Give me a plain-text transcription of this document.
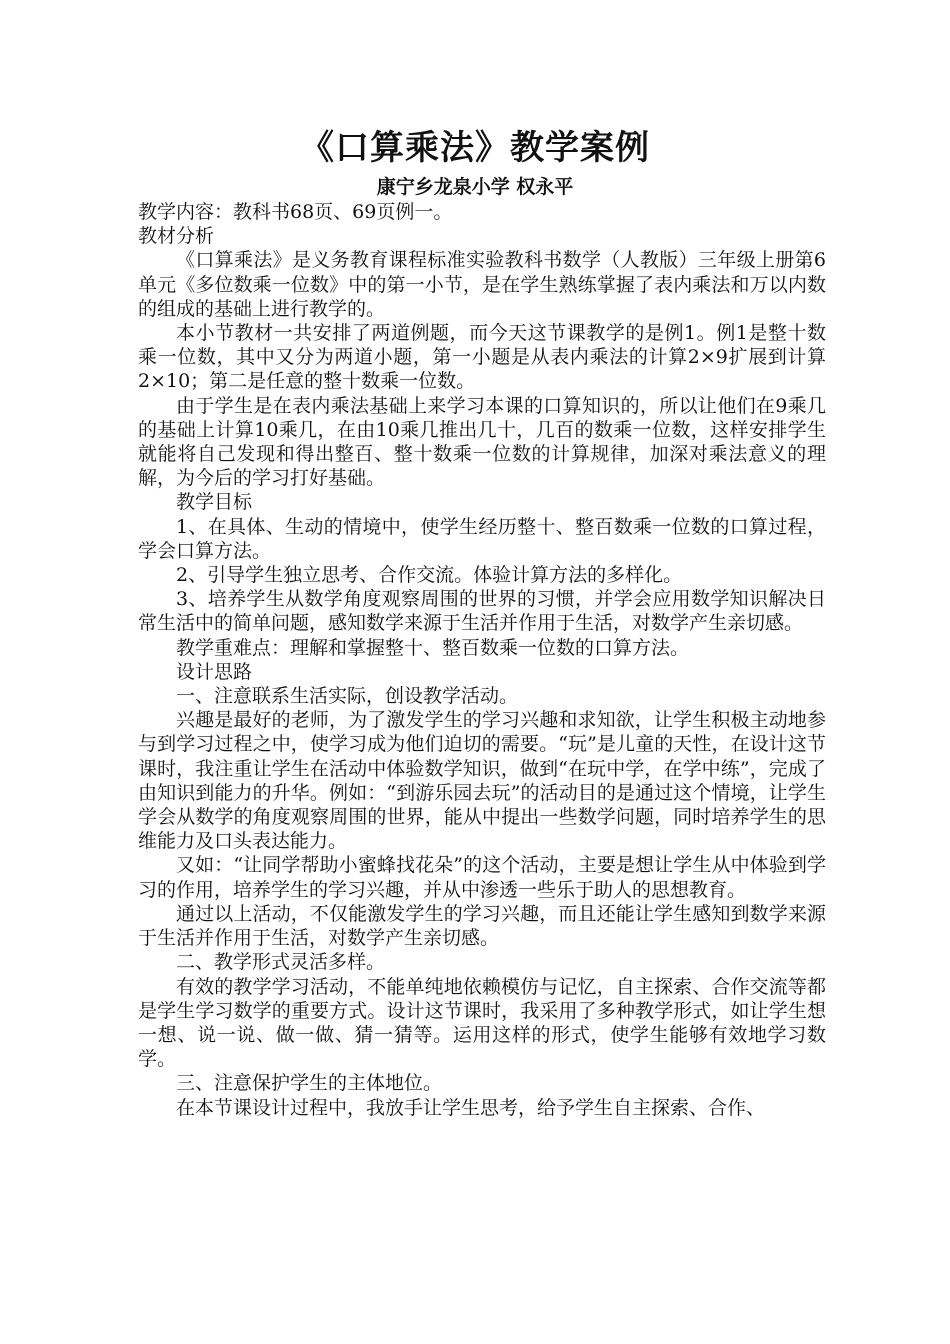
《口算乘法》教学案例
康宁乡龙泉小学 权永平

教学内容：教科书68页、69页例一。

教材分析

《口算乘法》是义务教育课程标准实验教科书数学（人教版）三年级上册第6单元《多位数乘一位数》中的第一小节，是在学生熟练掌握了表内乘法和万以内数的组成的基础上进行教学的。

本小节教材一共安排了两道例题，而今天这节课教学的是例1。例1是整十数乘一位数，其中又分为两道小题，第一小题是从表内乘法的计算2×9扩展到计算2×10；第二是任意的整十数乘一位数。

由于学生是在表内乘法基础上来学习本课的口算知识的，所以让他们在9乘几的基础上计算10乘几，在由10乘几推出几十，几百的数乘一位数，这样安排学生就能将自己发现和得出整百、整十数乘一位数的计算规律，加深对乘法意义的理解，为今后的学习打好基础。

教学目标

1、在具体、生动的情境中，使学生经历整十、整百数乘一位数的口算过程，学会口算方法。

2、引导学生独立思考、合作交流。体验计算方法的多样化。

3、培养学生从数学角度观察周围的世界的习惯，并学会应用数学知识解决日常生活中的简单问题，感知数学来源于生活并作用于生活，对数学产生亲切感。

教学重难点：理解和掌握整十、整百数乘一位数的口算方法。

设计思路

一、注意联系生活实际，创设教学活动。

兴趣是最好的老师，为了激发学生的学习兴趣和求知欲，让学生积极主动地参与到学习过程之中，使学习成为他们迫切的需要。“玩”是儿童的天性，在设计这节课时，我注重让学生在活动中体验数学知识，做到“在玩中学，在学中练”，完成了由知识到能力的升华。例如：“到游乐园去玩”的活动目的是通过这个情境，让学生学会从数学的角度观察周围的世界，能从中提出一些数学问题，同时培养学生的思维能力及口头表达能力。

又如：“让同学帮助小蜜蜂找花朵”的这个活动，主要是想让学生从中体验到学习的作用，培养学生的学习兴趣，并从中渗透一些乐于助人的思想教育。

通过以上活动，不仅能激发学生的学习兴趣，而且还能让学生感知到数学来源于生活并作用于生活，对数学产生亲切感。

二、教学形式灵活多样。

有效的教学学习活动，不能单纯地依赖模仿与记忆，自主探索、合作交流等都是学生学习数学的重要方式。设计这节课时，我采用了多种教学形式，如让学生想一想、说一说、做一做、猜一猜等。运用这样的形式，使学生能够有效地学习数学。

三、注意保护学生的主体地位。

在本节课设计过程中，我放手让学生思考，给予学生自主探索、合作、
